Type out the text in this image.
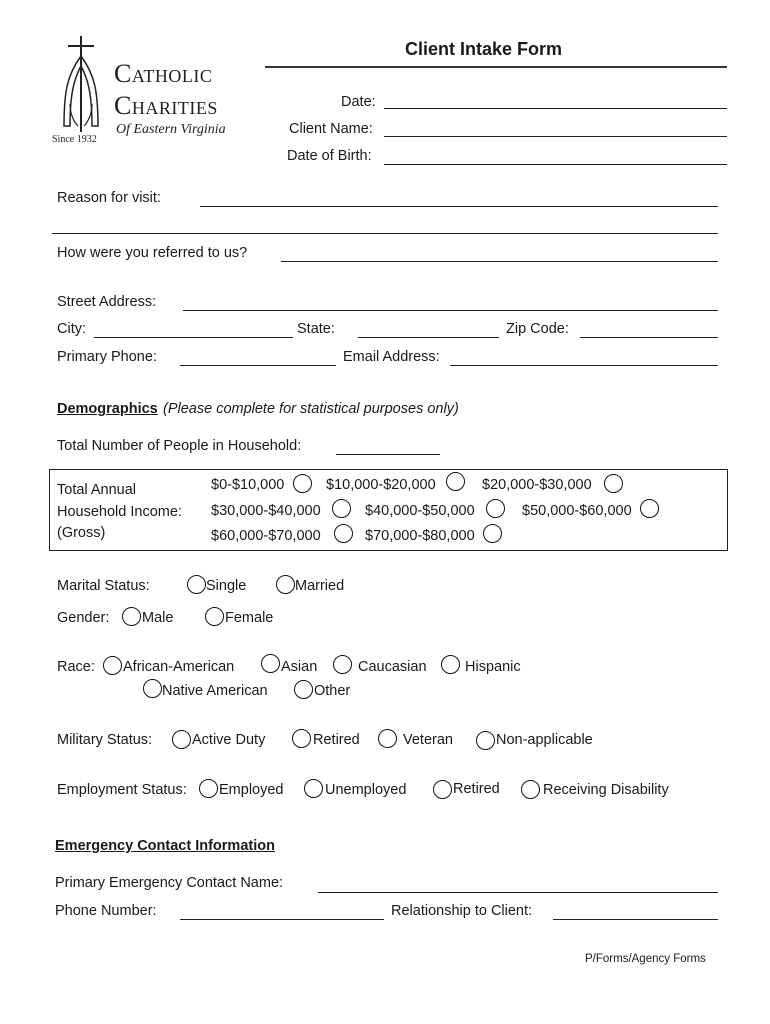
Catholic
Charities
Of Eastern Virginia
Since 1932
Client Intake Form
Date:
Client Name:
Date of Birth:
Reason for visit:
How were you referred to us?
Street Address:
City:	State:	Zip Code:
Primary Phone:	Email Address:
Demographics (Please complete for statistical purposes only)
Total Number of People in Household:
Total Annual
Household Income:
(Gross)
$0-$10,000	$10,000-$20,000	$20,000-$30,000
$30,000-$40,000	$40,000-$50,000	$50,000-$60,000
$60,000-$70,000	$70,000-$80,000
Marital Status:	Single	Married
Gender: Male	Female
Race: African-American	Asian	Caucasian	Hispanic
Native American	Other
Military Status:	Active Duty	Retired	Veteran	Non-applicable
Employment Status: Employed	Unemployed	Retired	Receiving Disability
Emergency Contact Information
Primary Emergency Contact Name:
Phone Number:	Relationship to Client:
P/Forms/Agency Forms
